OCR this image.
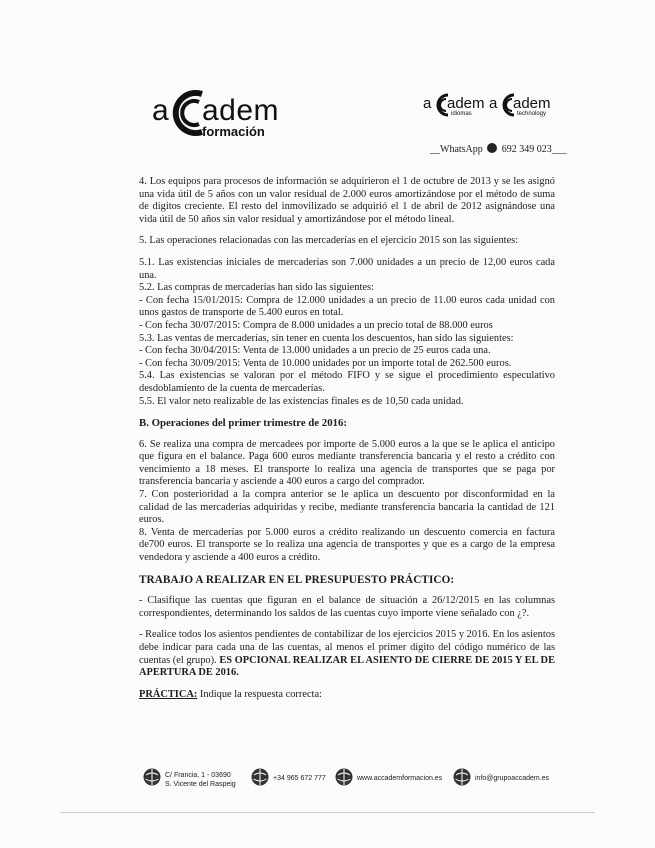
a adem
formación
a adem
idiomas
a adem
technology
__WhatsApp 692 349 023___

4. Los equipos para procesos de información se adquirieron el 1 de octubre de 2013 y se les asignó una vida útil de 5 años con un valor residual de 2.000 euros amortizándose por el método de suma de dígitos creciente. El resto del inmovilizado se adquirió el 1 de abril de 2012 asignándose una vida útil de 50 años sin valor residual y amortizándose por el método lineal.

5. Las operaciones relacionadas con las mercaderías en el ejercicio 2015 son las siguientes:

5.1. Las existencias iniciales de mercaderías son 7.000 unidades a un precio de 12,00 euros cada una.

5.2. Las compras de mercaderías han sido las siguientes:

- Con fecha 15/01/2015: Compra de 12.000 unidades a un precio de 11.00 euros cada unidad con unos gastos de transporte de 5.400 euros en total.

- Con fecha 30/07/2015: Compra de 8.000 unidades a un precio total de 88.000 euros

5.3. Las ventas de mercaderías, sin tener en cuenta los descuentos, han sido las siguientes:

- Con fecha 30/04/2015: Venta de 13.000 unidades a un precio de 25 euros cada una.

- Con fecha 30/09/2015: Venta de 10.000 unidades por un importe total de 262.500 euros.

5.4. Las existencias se valoran por el método FIFO y se sigue el procedimiento especulativo desdoblamiento de la cuenta de mercaderías.

5.5. El valor neto realizable de las existencias finales es de 10,50 cada unidad.

B. Operaciones del primer trimestre de 2016:

6. Se realiza una compra de mercadees por importe de 5.000 euros a la que se le aplica el anticipo que figura en el balance. Paga 600 euros mediante transferencia bancaria y el resto a crédito con vencimiento a 18 meses. El transporte lo realiza una agencia de transportes que se paga por transferencia bancaria y asciende a 400 euros a cargo del comprador.

7. Con posterioridad a la compra anterior se le aplica un descuento por disconformidad en la calidad de las mercaderías adquiridas y recibe, mediante transferencia bancaria la cantidad de 121 euros.

8. Venta de mercaderías por 5.000 euros a crédito realizando un descuento comercia en factura de700 euros. El transporte se lo realiza una agencia de transportes y que es a cargo de la empresa vendedora y asciende a 400 euros a crédito.

TRABAJO A REALIZAR EN EL PRESUPUESTO PRÁCTICO:

- Clasifique las cuentas que figuran en el balance de situación a 26/12/2015 en las columnas correspondientes, determinando los saldos de las cuentas cuyo importe viene señalado con ¿?.

- Realice todos los asientos pendientes de contabilizar de los ejercicios 2015 y 2016. En los asientos debe indicar para cada una de las cuentas, al menos el primer dígito del código numérico de las cuentas (el grupo). ES OPCIONAL REALIZAR EL ASIENTO DE CIERRE DE 2015 Y EL DE APERTURA DE 2016.

PRÁCTICA: Indique la respuesta correcta:

C/ Francia, 1 - 03690
S. Vicente del Raspeig
+34 965 672 777	www.accademformacion.es	info@grupoaccadem.es
